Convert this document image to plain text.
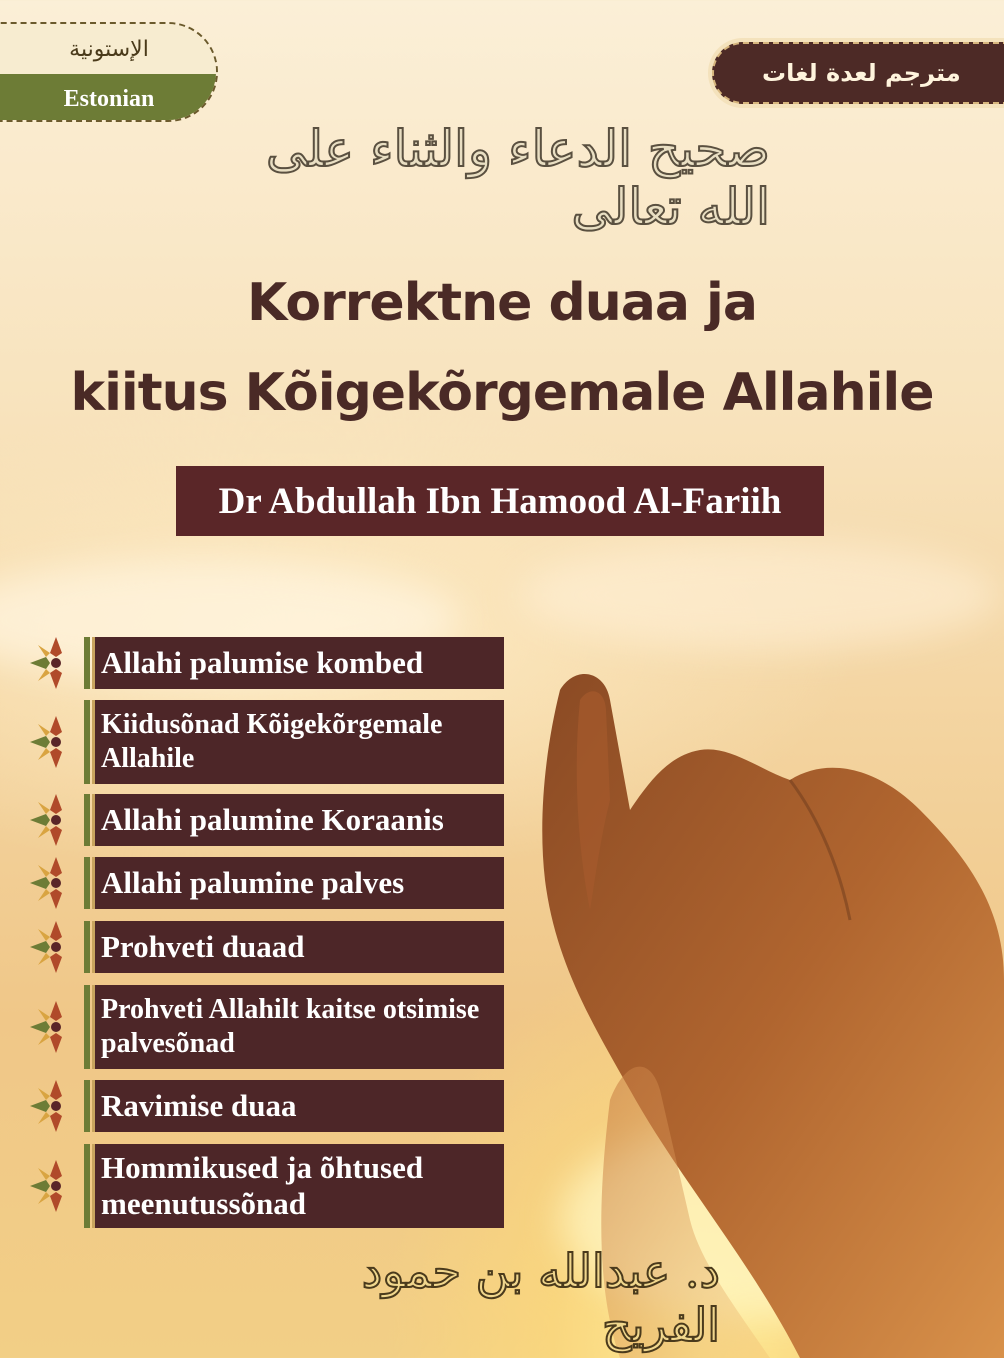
الإستونية
Estonian
مترجم لعدة لغات
صحيح الدعاء والثناء على الله تعالى
Korrektne duaa ja
kiitus Kõigekõrgemale Allahile
Dr Abdullah Ibn Hamood Al-Fariih
Allahi palumise kombed
Kiidusõnad Kõigekõrgemale Allahile
Allahi palumine Koraanis
Allahi palumine palves
Prohveti duaad
Prohveti Allahilt kaitse otsimise palvesõnad
Ravimise duaa
Hommikused ja õhtused meenutussõnad
د. عبدالله بن حمود الفريح
